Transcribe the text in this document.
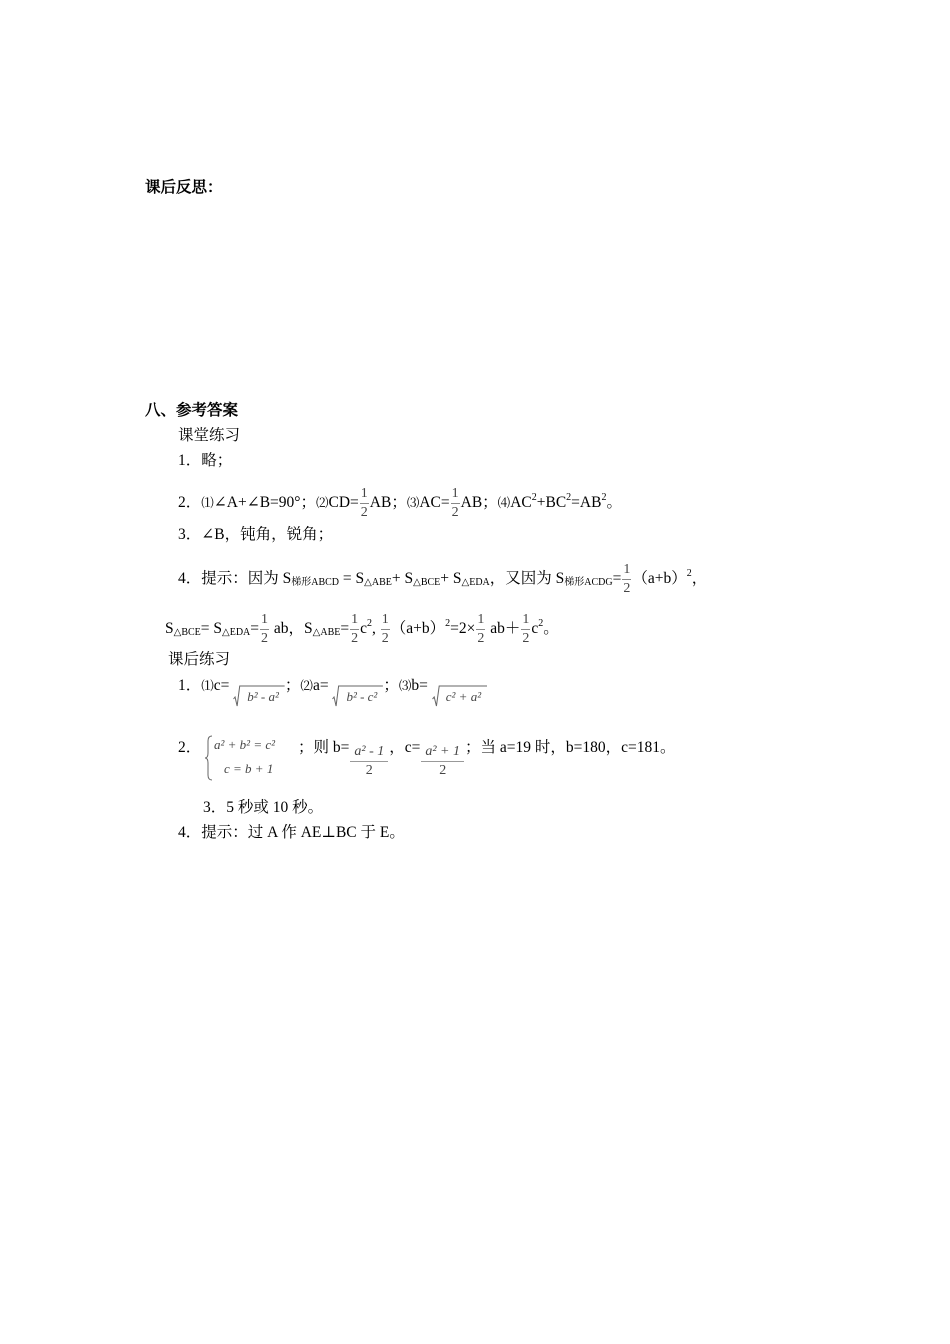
课后反思：
八、参考答案
课堂练习
1．略；
2．⑴∠A+∠B=90°；⑵CD= $\frac{1}{2}$ AB；⑶AC= $\frac{1}{2}$ AB；$⑷AC^2+BC^2=AB^2$。
3．∠B，钝角，锐角；
4．提示：因为 $S_{梯形ABCD} = S_{\triangle ABE}+ S_{\triangle BCE}+ S_{\triangle EDA}$，又因为 $S_{梯形ACDG}= \frac{1}{2} (a+b)^2$，
$S_{\triangle BCE}= S_{\triangle EDA}= \frac{1}{2}$ ab，$S_{\triangle ABE}= \frac{1}{2} c^2$, $\frac{1}{2} (a+b)^2=2\times \frac{1}{2} ab+ \frac{1}{2} c^2$。
课后练习
1．⑴c=
b² - a²；⑵a=
b² - c²；⑶b=
c² + a²
2． a² + b² = c²
c = b + 1
；则 $b= \frac{\text{a² - 1}}{2}$ ，$c= \frac{\text{a² + 1}}{2}$ ；当 a=19 时，b=180，c=181。
3．5 秒或 10 秒。
4．提示：过 A 作 AE⊥BC 于 E。
